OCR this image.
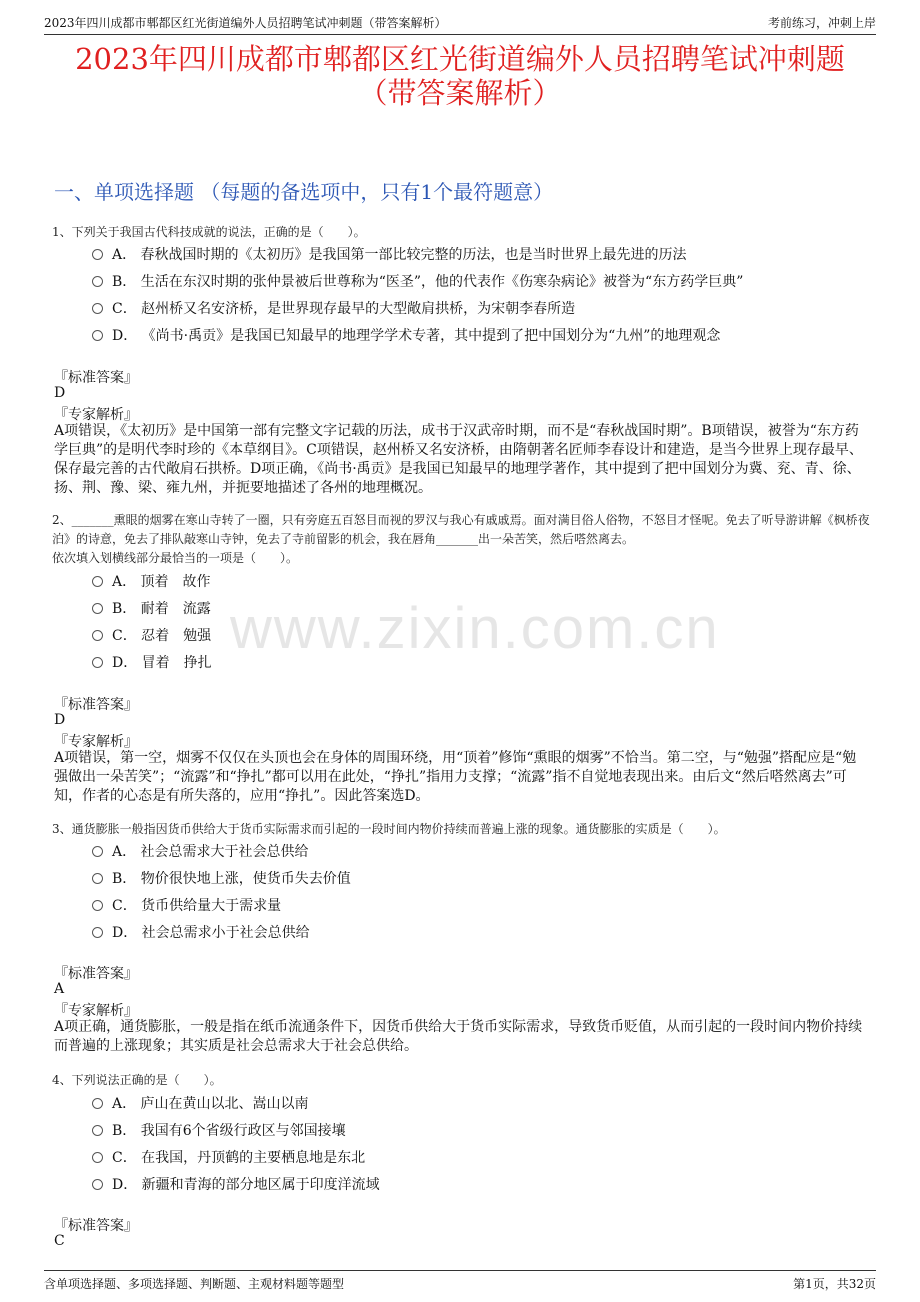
2023年四川成都市郫都区红光街道编外人员招聘笔试冲刺题（带答案解析）	考前练习，冲刺上岸
2023年四川成都市郫都区红光街道编外人员招聘笔试冲刺题
（带答案解析）
一、单项选择题 （每题的备选项中，只有1个最符题意）
www.zixin.com.cn
1、下列关于我国古代科技成就的说法，正确的是（　　）。
A． 春秋战国时期的《太初历》是我国第一部比较完整的历法，也是当时世界上最先进的历法
B． 生活在东汉时期的张仲景被后世尊称为“医圣”，他的代表作《伤寒杂病论》被誉为“东方药学巨典”
C． 赵州桥又名安济桥，是世界现存最早的大型敞肩拱桥，为宋朝李春所造
D． 《尚书·禹贡》是我国已知最早的地理学学术专著，其中提到了把中国划分为“九州”的地理观念
『标准答案』
D
『专家解析』
A项错误，《太初历》是中国第一部有完整文字记载的历法，成书于汉武帝时期，而不是“春秋战国时期”。B项错误，被誉为“东方药学巨典”的是明代李时珍的《本草纲目》。C项错误，赵州桥又名安济桥，由隋朝著名匠师李春设计和建造，是当今世界上现存最早、保存最完善的古代敞肩石拱桥。D项正确，《尚书·禹贡》是我国已知最早的地理学著作，其中提到了把中国划分为冀、兖、青、徐、扬、荆、豫、梁、雍九州，并扼要地描述了各州的地理概况。
2、_______熏眼的烟雾在寒山寺转了一圈，只有旁庭五百怒目而视的罗汉与我心有戚戚焉。面对满目俗人俗物，不怒目才怪呢。免去了听导游讲解《枫桥夜泊》的诗意，免去了排队敲寒山寺钟，免去了寺前留影的机会，我在唇角_______出一朵苦笑，然后嗒然离去。
依次填入划横线部分最恰当的一项是（　　）。
A． 顶着　故作
B． 耐着　流露
C． 忍着　勉强
D． 冒着　挣扎
『标准答案』
D
『专家解析』
A项错误，第一空，烟雾不仅仅在头顶也会在身体的周围环绕，用“顶着”修饰“熏眼的烟雾”不恰当。第二空，与“勉强”搭配应是“勉强做出一朵苦笑”；“流露”和“挣扎”都可以用在此处，“挣扎”指用力支撑；“流露”指不自觉地表现出来。由后文“然后嗒然离去”可知，作者的心态是有所失落的，应用“挣扎”。因此答案选D。
3、通货膨胀一般指因货币供给大于货币实际需求而引起的一段时间内物价持续而普遍上涨的现象。通货膨胀的实质是（　　）。
A． 社会总需求大于社会总供给
B． 物价很快地上涨，使货币失去价值
C． 货币供给量大于需求量
D． 社会总需求小于社会总供给
『标准答案』
A
『专家解析』
A项正确，通货膨胀，一般是指在纸币流通条件下，因货币供给大于货币实际需求，导致货币贬值，从而引起的一段时间内物价持续而普遍的上涨现象；其实质是社会总需求大于社会总供给。
4、下列说法正确的是（　　）。
A． 庐山在黄山以北、嵩山以南
B． 我国有6个省级行政区与邻国接壤
C． 在我国，丹顶鹤的主要栖息地是东北
D． 新疆和青海的部分地区属于印度洋流域
『标准答案』
C
含单项选择题、多项选择题、判断题、主观材料题等题型	第1页，共32页
